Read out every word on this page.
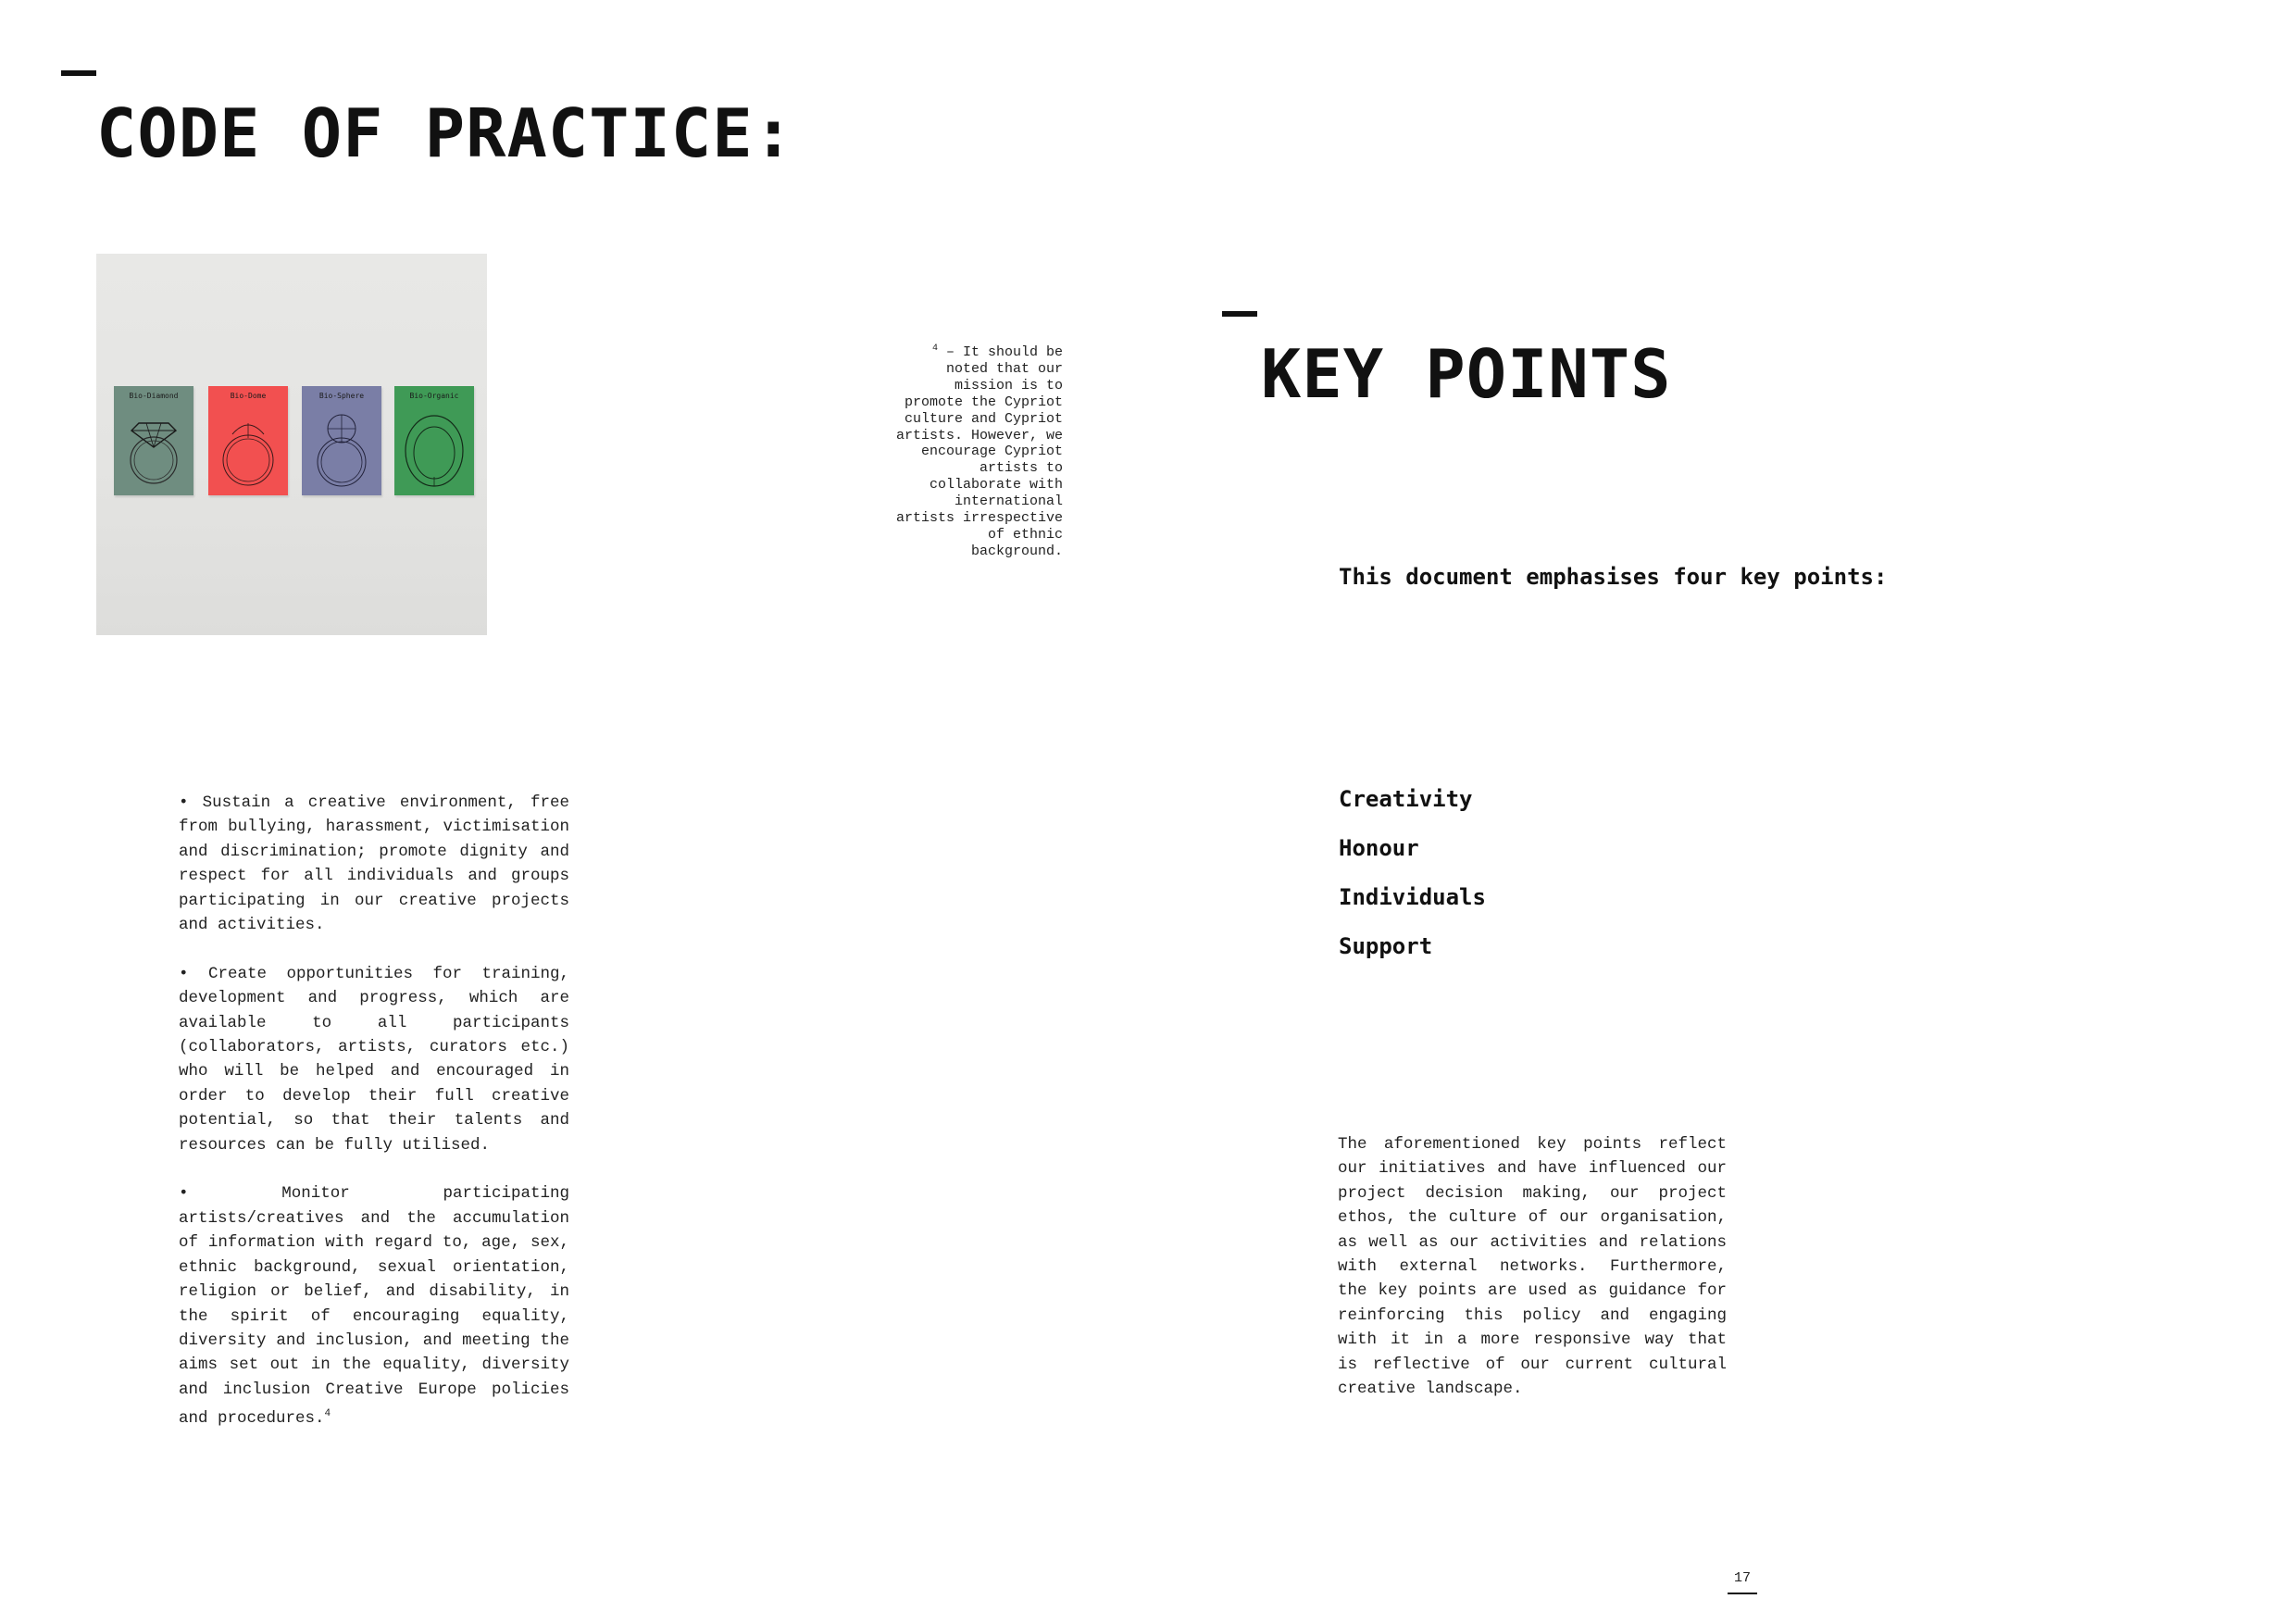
CODE OF PRACTICE:
Bio-Diamond	Bio-Dome	Bio-Sphere	Bio-Organic

• Sustain a creative environment, free from bullying, harassment, victimisation and discrimination; promote dignity and respect for all individuals and groups participating in our creative projects and activities.

• Create opportunities for training, development and progress, which are available to all participants (collaborators, artists, curators etc.) who will be helped and encouraged in order to develop their full creative potential, so that their talents and resources can be fully utilised.

• Monitor participating artists/creatives and the accumulation of information with regard to, age, sex, ethnic background, sexual orientation, religion or belief, and disability, in the spirit of encouraging equality, diversity and inclusion, and meeting the aims set out in the equality, diversity and inclusion Creative Europe policies and procedures.$^4$

$^4$ – It should be noted that our mission is to promote the Cypriot culture and Cypriot artists. However, we encourage Cypriot artists to collaborate with international artists irrespective of ethnic background.
KEY POINTS
This document emphasises four key points:
Creativity
Honour
Individuals
Support

The aforementioned key points reflect our initiatives and have influenced our project decision making, our project ethos, the culture of our organisation, as well as our activities and relations with external networks. Furthermore, the key points are used as guidance for reinforcing this policy and engaging with it in a more responsive way that is reflective of our current cultural creative landscape.

17
